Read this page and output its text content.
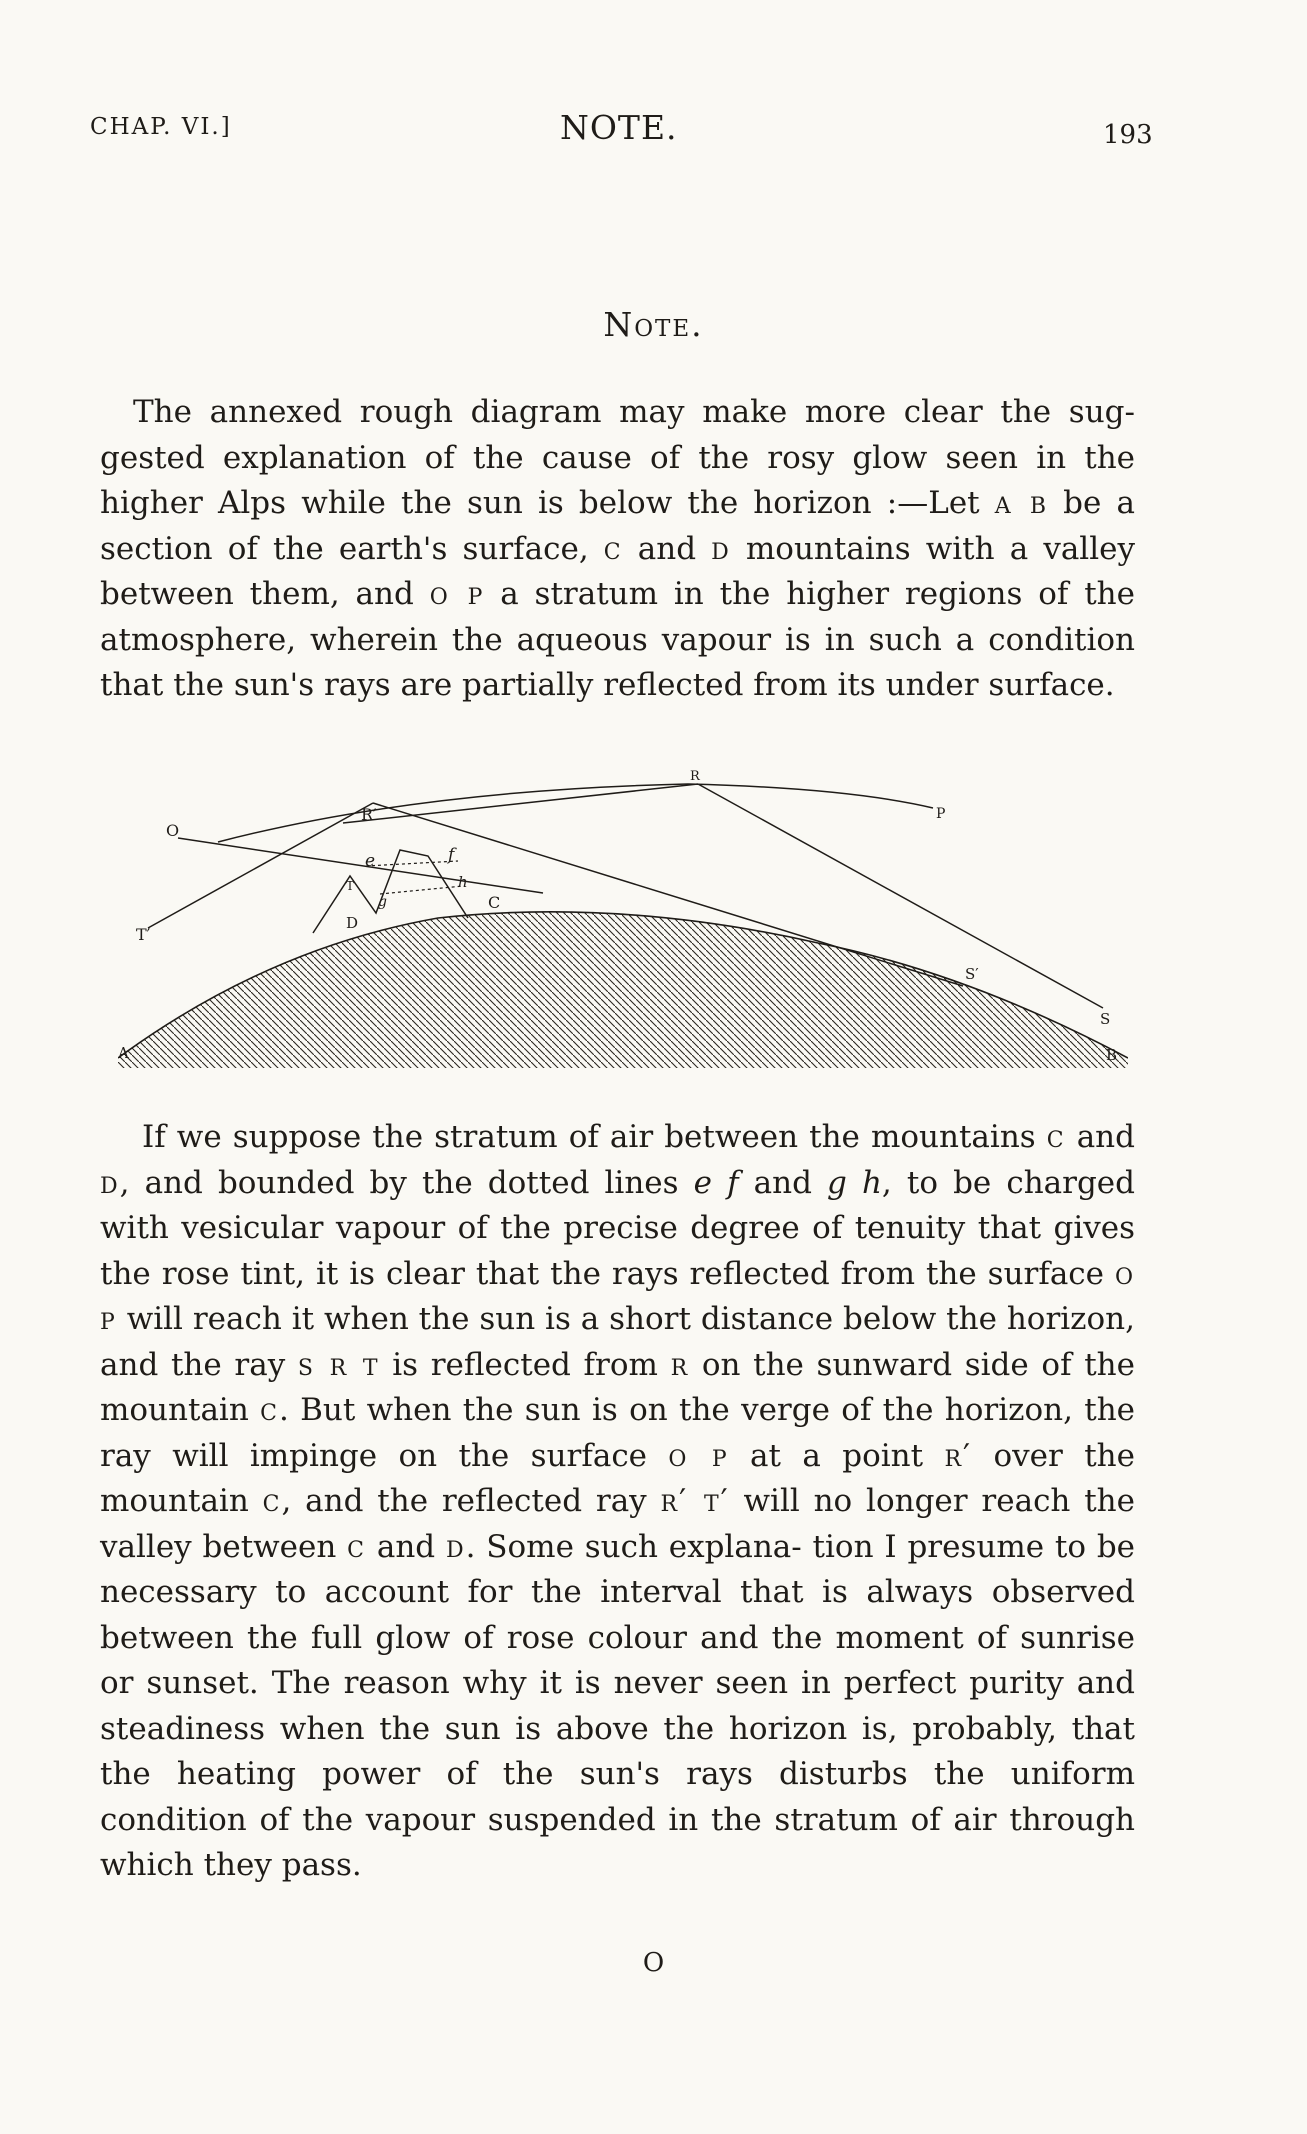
CHAP. VI.]	NOTE.	193
Note.

The annexed rough diagram may make more clear the sug- gested explanation of the cause of the rosy glow seen in the higher Alps while the sun is below the horizon :—Let a b be a section of the earth's surface, c and d mountains with a valley between them, and o p a stratum in the higher regions of the atmosphere, wherein the aqueous vapour is in such a condition that the sun's rays are partially reflected from its under surface.

R′
R
O
P
T′
T
e	f
g
h
C
D
S′
S
A	B

If we suppose the stratum of air between the mountains c and d, and bounded by the dotted lines e f and g h, to be charged with vesicular vapour of the precise degree of tenuity that gives the rose tint, it is clear that the rays reflected from the surface o p will reach it when the sun is a short distance below the horizon, and the ray s r t is reflected from r on the sunward side of the mountain c. But when the sun is on the verge of the horizon, the ray will impinge on the surface o p at a point r′ over the mountain c, and the reflected ray r′ t′ will no longer reach the valley between c and d. Some such explana- tion I presume to be necessary to account for the interval that is always observed between the full glow of rose colour and the moment of sunrise or sunset. The reason why it is never seen in perfect purity and steadiness when the sun is above the horizon is, probably, that the heating power of the sun's rays disturbs the uniform condition of the vapour suspended in the stratum of air through which they pass.

O
